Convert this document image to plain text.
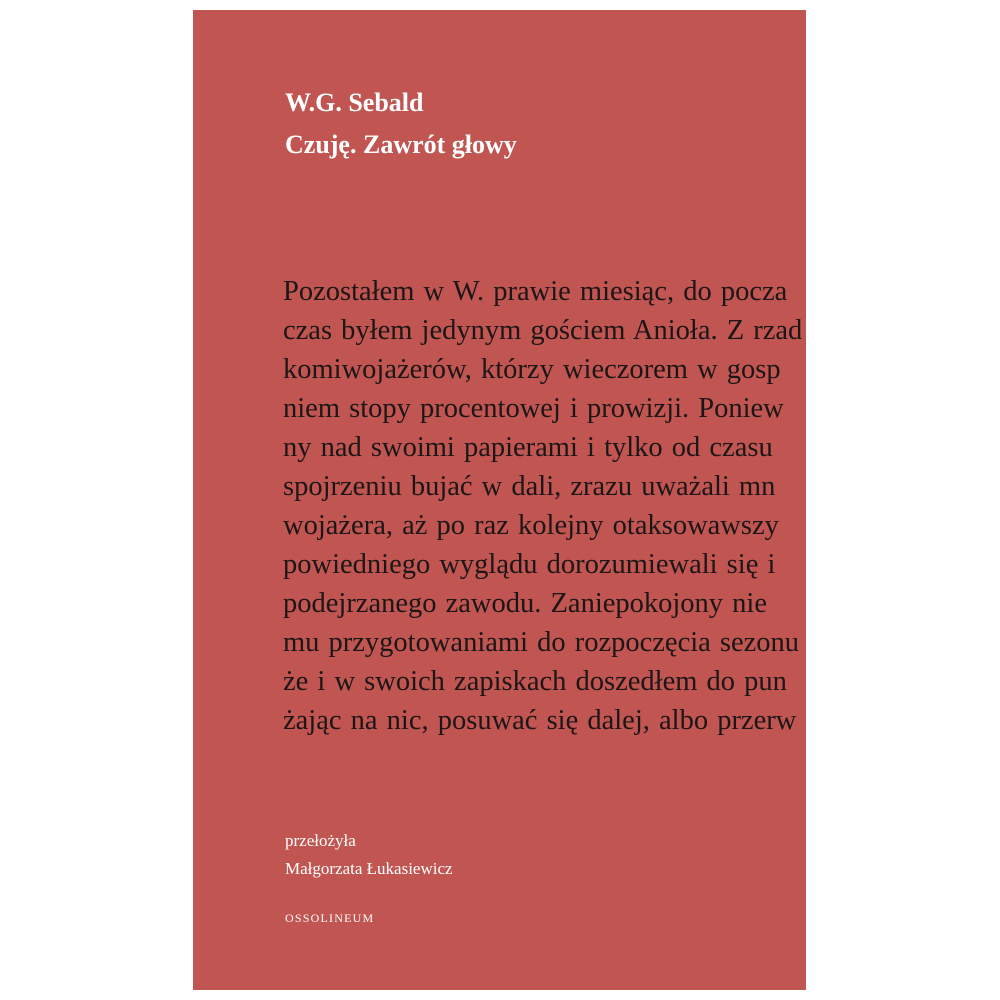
W.G. Sebald
Czuję. Zawrót głowy
Pozostałem w W. prawie miesiąc, do pocza
czas byłem jedynym gościem Anioła. Z rzad
komiwojażerów, którzy wieczorem w gosp
niem stopy procentowej i prowizji. Poniew
ny nad swoimi papierami i tylko od czasu
spojrzeniu bujać w dali, zrazu uważali mn
wojażera, aż po raz kolejny otaksowawszy
powiedniego wyglądu dorozumiewali się i
podejrzanego zawodu. Zaniepokojony nie
mu przygotowaniami do rozpoczęcia sezonu
że i w swoich zapiskach doszedłem do pun
żając na nic, posuwać się dalej, albo przerw

przełożyła

Małgorzata Łukasiewicz

OSSOLINEUM
